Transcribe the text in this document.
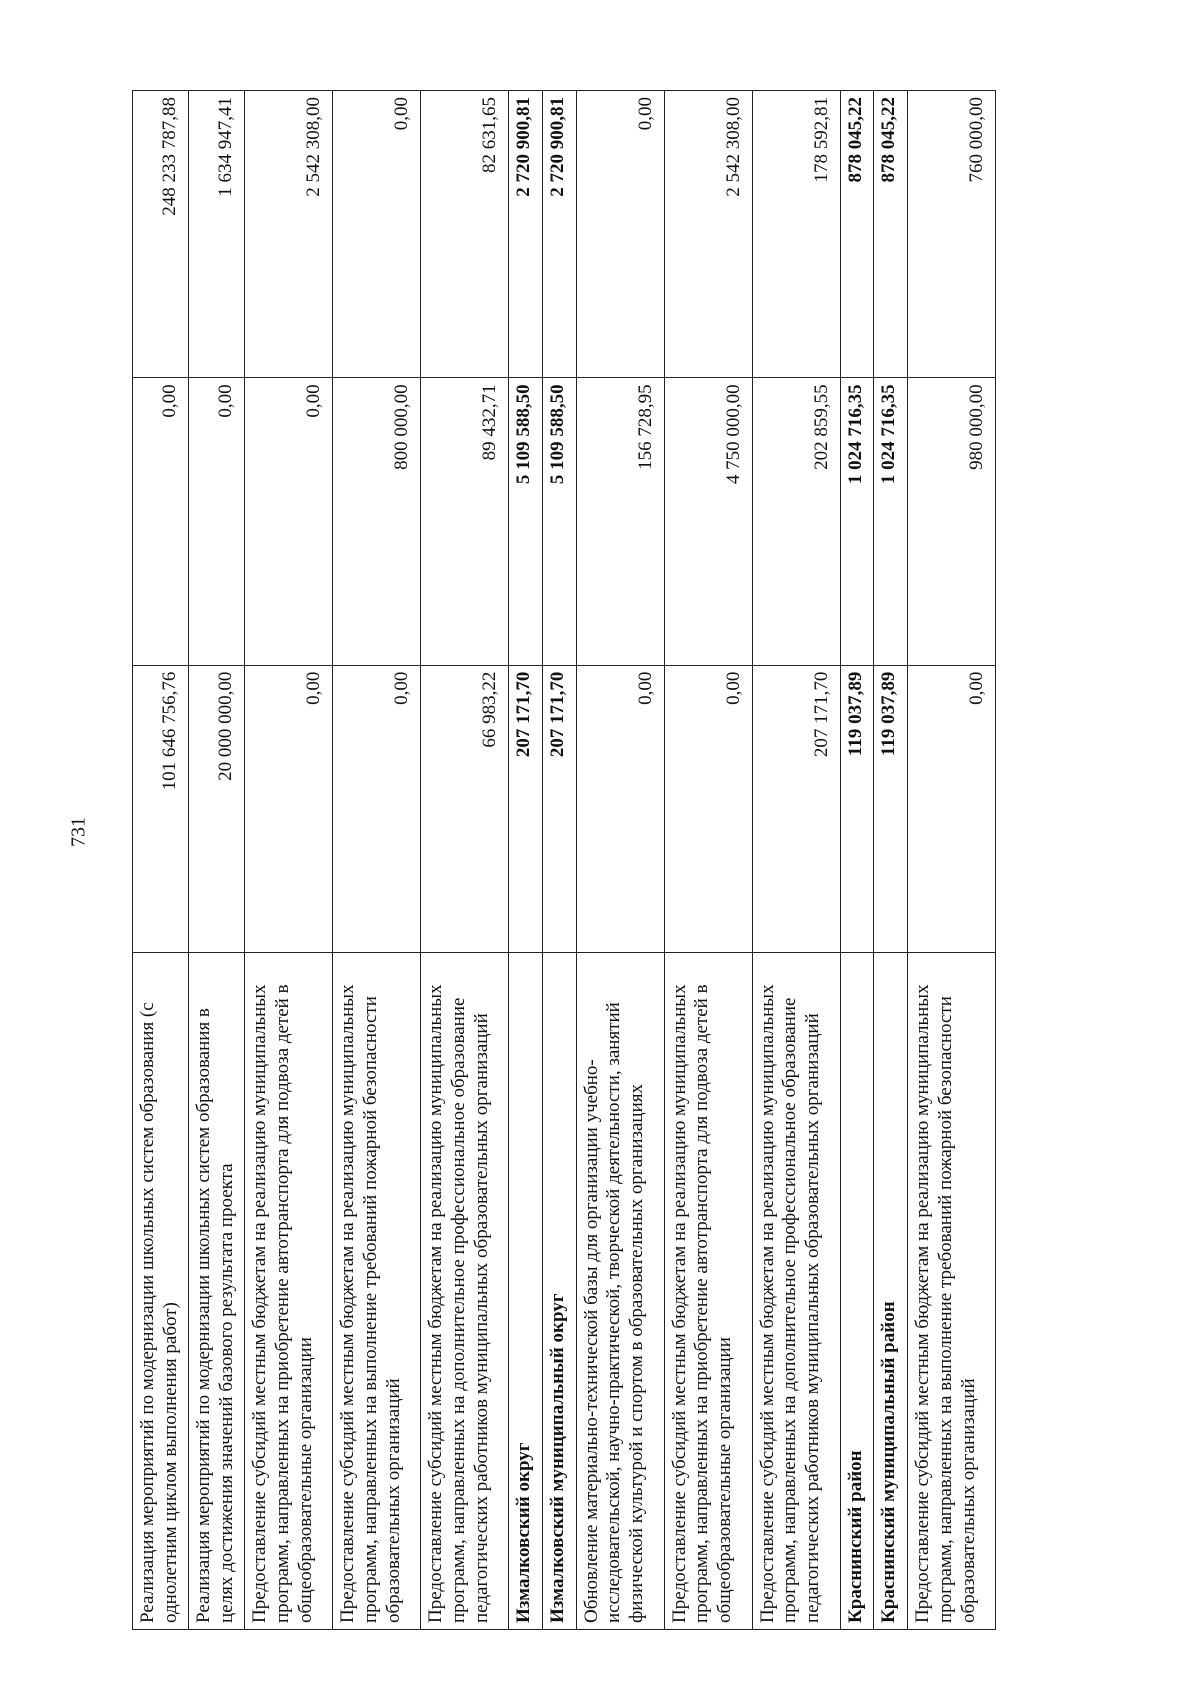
731
Реализация мероприятий по модернизации школьных систем образования (с однолетним циклом выполнения работ)	101 646 756,76	0,00	248 233 787,88
Реализация мероприятий по модернизации школьных систем образования в целях достижения значений базового результата проекта	20 000 000,00	0,00	1 634 947,41
Предоставление субсидий местным бюджетам на реализацию муниципальных программ, направленных на приобретение автотранспорта для подвоза детей в общеобразовательные организации	0,00	0,00	2 542 308,00
Предоставление субсидий местным бюджетам на реализацию муниципальных программ, направленных на выполнение требований пожарной безопасности образовательных организаций	0,00	800 000,00	0,00
Предоставление субсидий местным бюджетам на реализацию муниципальных программ, направленных на дополнительное профессиональное образование педагогических работников муниципальных образовательных организаций	66 983,22	89 432,71	82 631,65
Измалковский округ	207 171,70	5 109 588,50	2 720 900,81
Измалковский муниципальный округ	207 171,70	5 109 588,50	2 720 900,81
Обновление материально-технической базы для организации учебно-исследовательской, научно-практической, творческой деятельности, занятий физической культурой и спортом в образовательных организациях	0,00	156 728,95	0,00
Предоставление субсидий местным бюджетам на реализацию муниципальных программ, направленных на приобретение автотранспорта для подвоза детей в общеобразовательные организации	0,00	4 750 000,00	2 542 308,00
Предоставление субсидий местным бюджетам на реализацию муниципальных программ, направленных на дополнительное профессиональное образование педагогических работников муниципальных образовательных организаций	207 171,70	202 859,55	178 592,81
Краснинский район	119 037,89	1 024 716,35	878 045,22
Краснинский муниципальный район	119 037,89	1 024 716,35	878 045,22
Предоставление субсидий местным бюджетам на реализацию муниципальных программ, направленных на выполнение требований пожарной безопасности образовательных организаций	0,00	980 000,00	760 000,00
